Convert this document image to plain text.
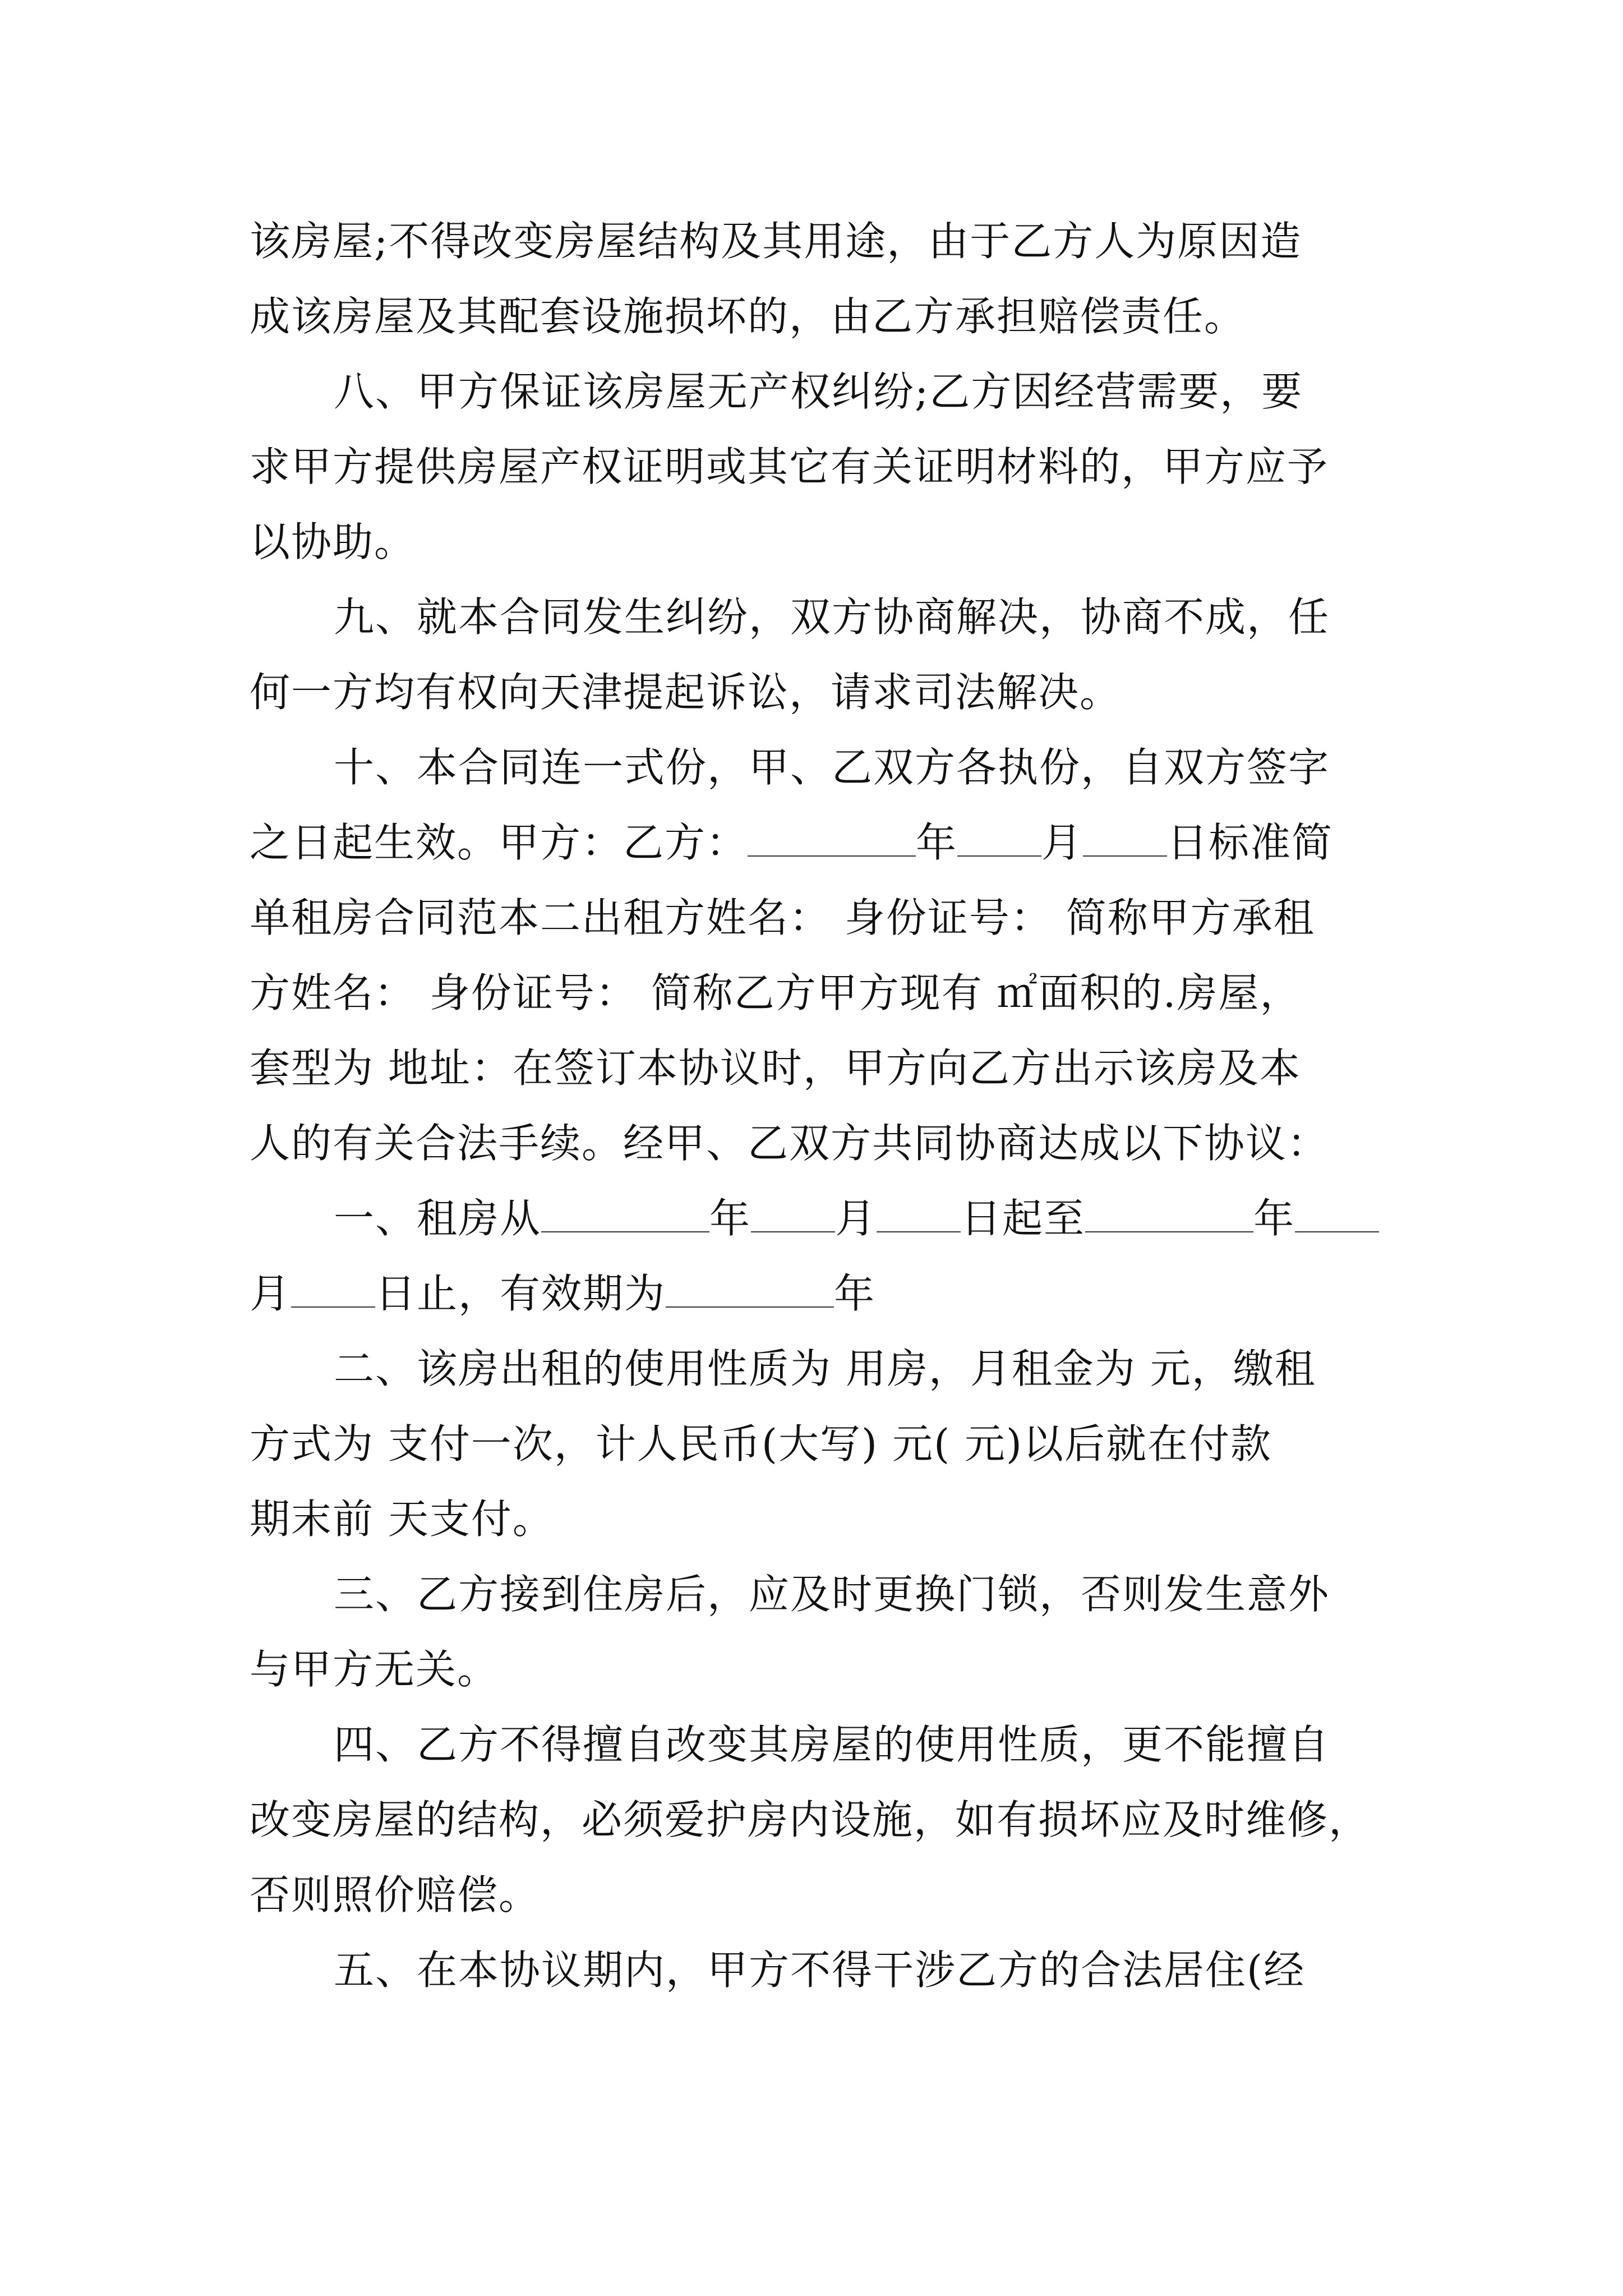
该房屋;不得改变房屋结构及其用途，由于乙方人为原因造
成该房屋及其配套设施损坏的，由乙方承担赔偿责任。
八、甲方保证该房屋无产权纠纷;乙方因经营需要，要
求甲方提供房屋产权证明或其它有关证明材料的，甲方应予
以协助。
九、就本合同发生纠纷，双方协商解决，协商不成，任
何一方均有权向天津提起诉讼，请求司法解决。
十、本合同连一式份，甲、乙双方各执份，自双方签字
之日起生效。甲方：乙方：	年 月 日标准简
单租房合同范本二出租方姓名： 身份证号： 简称甲方承租
方姓名： 身份证号： 简称乙方甲方现有 ㎡面积的.房屋，
套型为 地址：在签订本协议时，甲方向乙方出示该房及本
人的有关合法手续。经甲、乙双方共同协商达成以下协议：
一、租房从	年 月 日起至	年
月 日止，有效期为	年
二、该房出租的使用性质为 用房，月租金为 元，缴租
方式为 支付一次，计人民币(大写) 元( 元)以后就在付款
期末前 天支付。
三、乙方接到住房后，应及时更换门锁，否则发生意外
与甲方无关。
四、乙方不得擅自改变其房屋的使用性质，更不能擅自
改变房屋的结构，必须爱护房内设施，如有损坏应及时维修，
否则照价赔偿。
五、在本协议期内，甲方不得干涉乙方的合法居住(经
